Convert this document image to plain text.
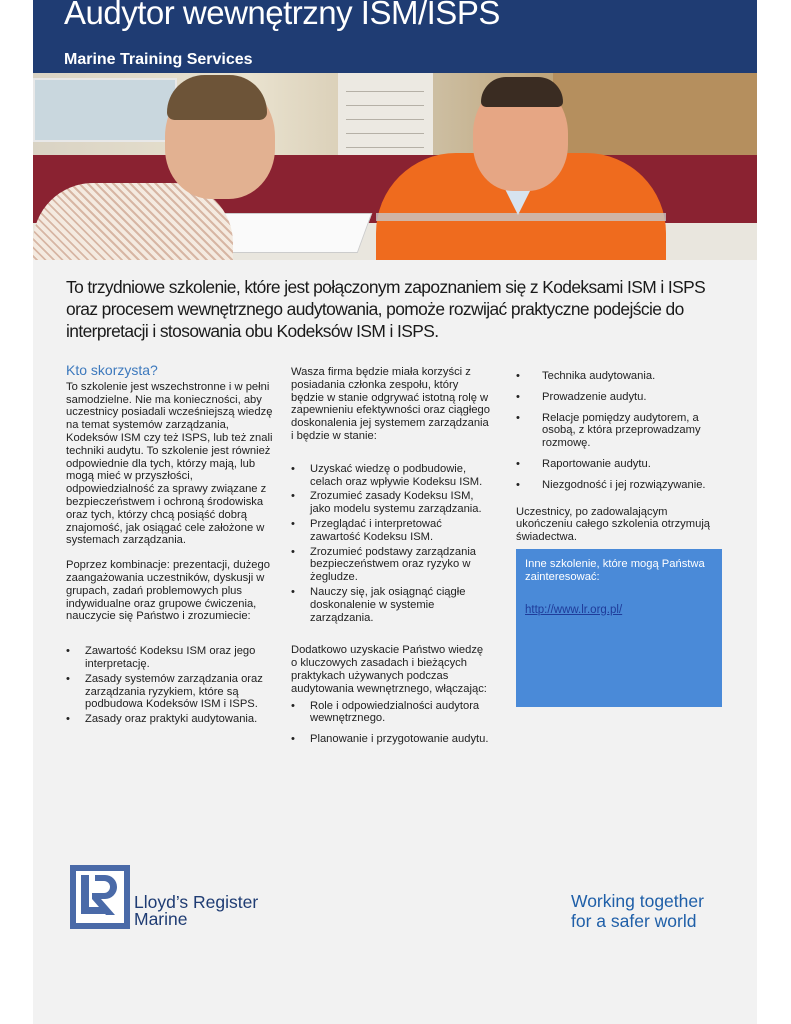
Audytor wewnętrzny ISM/ISPS
Marine Training Services
To trzydniowe szkolenie, które jest połączonym zapoznaniem się z Kodeksami ISM i ISPS oraz procesem wewnętrznego audytowania, pomoże rozwijać praktyczne podejście do interpretacji i stosowania obu Kodeksów ISM i ISPS.
Kto skorzysta?

To szkolenie jest wszechstronne i w pełni samodzielne. Nie ma konieczności, aby uczestnicy posiadali wcześniejszą wiedzę na temat systemów zarządzania, Kodeksów ISM czy też ISPS, lub też znali techniki audytu. To szkolenie jest również odpowiednie dla tych, którzy mają, lub mogą mieć w przyszłości, odpowiedzialność za sprawy związane z bezpieczeństwem i ochroną środowiska oraz tych, którzy chcą posiąść dobrą znajomość, jak osiągać cele założone w systemach zarządzania.

Poprzez kombinacje: prezentacji, dużego zaangażowania uczestników, dyskusji w grupach, zadań problemowych plus indywidualne oraz grupowe ćwiczenia, nauczycie się Państwo i zrozumiecie:

• Zawartość Kodeksu ISM oraz jego interpretację.
• Zasady systemów zarządzania oraz zarządzania ryzykiem, które są podbudowa Kodeksów ISM i ISPS.
• Zasady oraz praktyki audytowania.

Wasza firma będzie miała korzyści z posiadania członka zespołu, który będzie w stanie odgrywać istotną rolę w zapewnieniu efektywności oraz ciągłego doskonalenia jej systemem zarządzania i będzie w stanie:

• Uzyskać wiedzę o podbudowie, celach oraz wpływie Kodeksu ISM.
• Zrozumieć zasady Kodeksu ISM, jako modelu systemu zarządzania.
• Przeglądać i interpretować zawartość Kodeksu ISM.
• Zrozumieć podstawy zarządzania bezpieczeństwem oraz ryzyko w żegludze.
• Nauczy się, jak osiągnąć ciągłe doskonalenie w systemie zarządzania.

Dodatkowo uzyskacie Państwo wiedzę o kluczowych zasadach i bieżących praktykach używanych podczas audytowania wewnętrznego, włączając:

• Role i odpowiedzialności audytora wewnętrznego.
• Planowanie i przygotowanie audytu.
• Technika audytowania.
• Prowadzenie audytu.
• Relacje pomiędzy audytorem, a osobą, z która przeprowadzamy rozmowę.
• Raportowanie audytu.
• Niezgodność i jej rozwiązywanie.

Uczestnicy, po zadowalającym ukończeniu całego szkolenia otrzymują świadectwa.

Inne szkolenie, które mogą Państwa zainteresować:
http://www.lr.org.pl/
Lloyd’s Register
Marine
Working together
for a safer world
